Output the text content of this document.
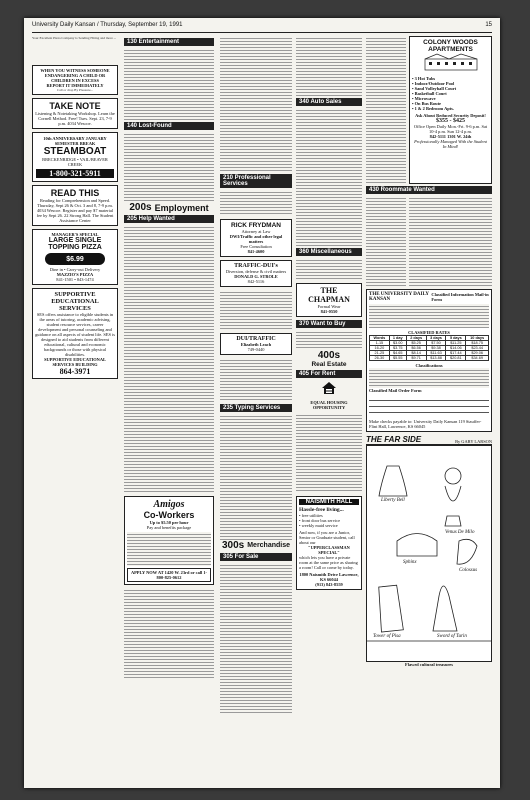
University Daily Kansan / Thursday, September 19, 1991	15
Your Excellent Pizza Company is Sending Hiring and more ...
WHEN YOU WITNESS SOMEONE
ENDANGERING A CHILD OR
CHILDREN IN EXCESS
REPORT IT IMMEDIATELY
Call or drop By Pleasure...
TAKE NOTE
Listening & Notetaking Workshop. Learn the Cornell Method. Free! Tues. Sept. 23, 7-9 p.m. 4034 Wescoe.
10th ANNIVERSARY JANUARY SEMESTER BREAK
STEAMBOAT
BRECKENRIDGE • VAIL/BEAVER CREEK
1-800-321-5911
READ THIS
Reading for Comprehension and Speed. Thursday, Sept 26 & Oct. 3 and 8, 7-9 p.m. 4034 Wescoe. Register and pay $7 material fee by Sept 26. 22 Strong Hall. The Student Assistance Center
MANAGER'S SPECIAL
LARGE SINGLE TOPPING PIZZA
$6.99
Dine in • Carry-out Delivery
MAZZIO'S PIZZA
841-1501 • 843-1474
SUPPORTIVE EDUCATIONAL SERVICES
SES offers assistance to eligible students in the areas of tutoring, academic advising, student resource services, career development and personal counseling and guidance on all aspects of student life. SES is designed to aid students from different educational, cultural and economic backgrounds or those with physical disabilities.
SUPPORTIVE EDUCATIONAL SERVICES BUILDING
864-3971
130 Entertainment
140 Lost-Found
200s Employment
205 Help Wanted
Amigos
Co-Workers
Up to $5.50 per hour
Pay and benefits package
APPLY NOW AT 1420 W. 23rd or call 1-800-825-0612
210 Professional Services
RICK FRYDMAN
Attorney at Law
DWI/Traffic and other legal matters
Free Consultation
841-4600
TRAFFIC-DUI's
Diversion, defense & civil matters
DONALD G. STROLE
842-5116
DUI/TRAFFIC
Elizabeth Leach
749-0440
235 Typing Services
300s Merchandise
305 For Sale
340 Auto Sales
360 Miscellaneous
THE CHAPMAN
Formal Wear
841-0550
370 Want to Buy
400s
Real Estate
405 For Rent
EQUAL HOUSING OPPORTUNITY
NAISMITH HALL
Hassle-free living...
• free utilities
• front door bus service
• weekly maid service
And now, if you are a Junior, Senior or Graduate student, call about our
"UPPERCLASSMAN SPECIAL"
which lets you have a private room at the same price as sharing a room! Call or come by today.
1800 Naismith Drive Lawrence, KS 66044
(913) 843-8559
COLONY WOODS APARTMENTS
• 3 Hot Tubs
• Indoor/Outdoor Pool
• Sand Volleyball Court
• Basketball Court
• Microwave
• On Bus Route
• 1 & 2 Bedroom Apts.
Ask About Reduced Security Deposit!
$355 - $425
Office Open Daily Mon.-Fri. 9-6 p.m. Sat 10-4 p.m. Sun 12-4 p.m.
842-5111 1301 W. 24th
Professionally Managed With the Student In Mind!
430 Roommate Wanted
THE UNIVERSITY DAILY KANSAN
Classified Information Mail-in Form
CLASSIFIED RATES
Words	1 day	2 days	3 days	5 days	10 days
1-15	$3.00	$5.25	$7.50	$11.25	$18.75
16-20	$3.75	$6.56	$9.38	$14.06	$23.44
21-25	$4.65	$8.14	$11.63	$17.44	$29.06
26-30	$5.55	$9.71	$13.88	$20.81	$34.69
Classifications
Classified Mail Order Form
Make checks payable to: University Daily Kansan 119 Stauffer-Flint Hall, Lawrence, KS 66045
THE FAR SIDE	By GARY LARSON
Liberty Bell
Venus De Milo
Sphinx
Tower of Pisa
Colossus
Sword of Turin
Flawed cultural treasures
